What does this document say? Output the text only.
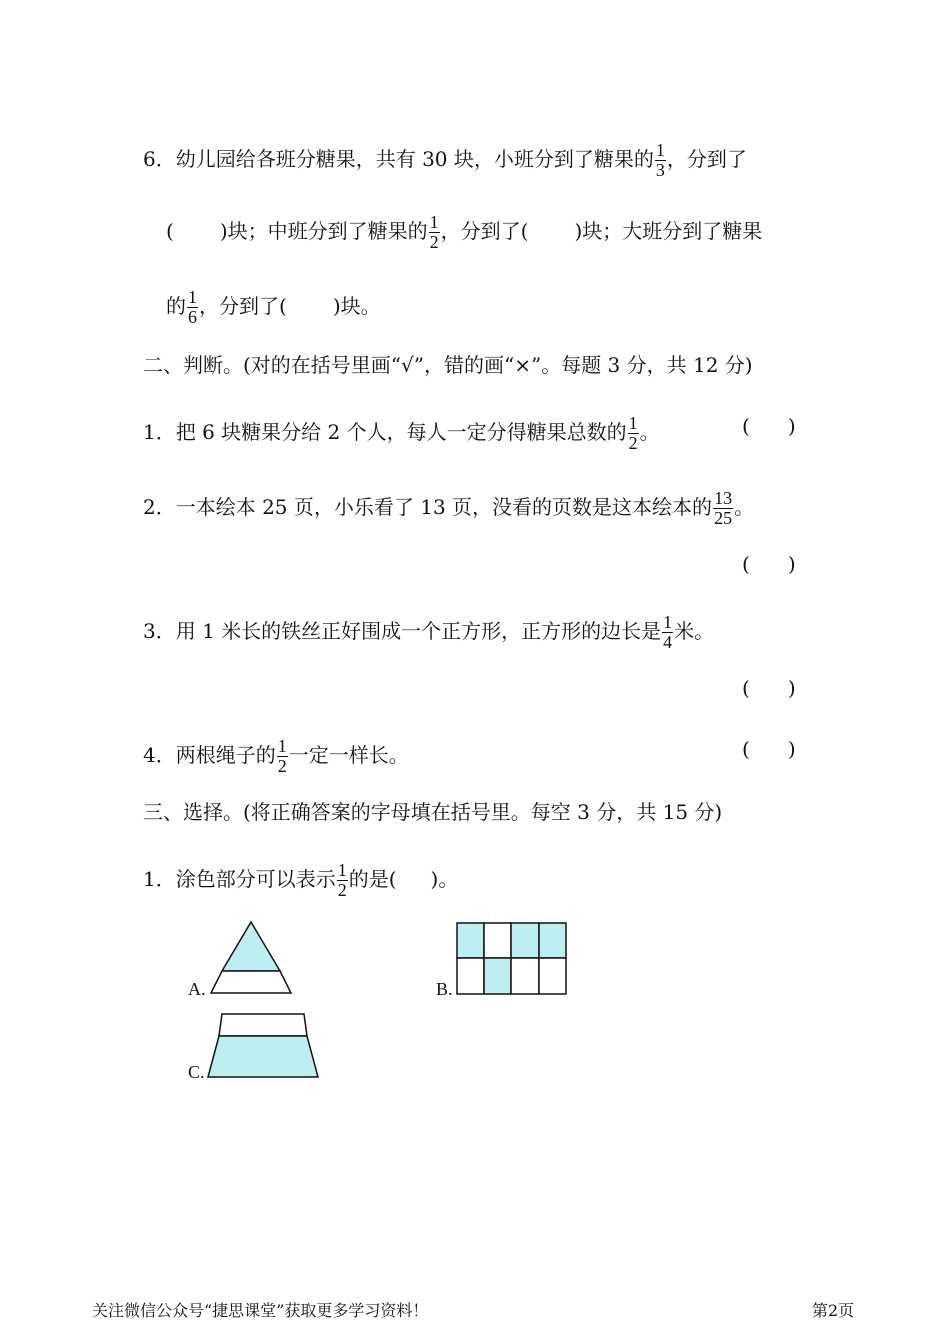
6．幼儿园给各班分糖果，共有 30 块，小班分到了糖果的 $\frac{1}{3}$ ，分到了
( )块；中班分到了糖果的 $\frac{1}{2}$ ，分到了( )块；大班分到了糖果
的 $\frac{1}{6}$ ，分到了( )块。
二、判断。(对的在括号里画“√”，错的画“×”。每题 3 分，共 12 分)
1．把 6 块糖果分给 2 个人，每人一定分得糖果总数的 $\frac{1}{2}$ 。	( )
2．一本绘本 25 页，小乐看了 13 页，没看的页数是这本绘本的 $\frac{13}{25}$ 。
( )
3．用 1 米长的铁丝正好围成一个正方形，正方形的边长是 $\frac{1}{4}$ 米。
( )
4．两根绳子的 $\frac{1}{2}$ 一定一样长。	( )
三、选择。(将正确答案的字母填在括号里。每空 3 分，共 15 分)
1．涂色部分可以表示 $\frac{1}{2}$ 的是( )。
A.	B.
C.
关注微信公众号“捷思课堂”获取更多学习资料！	第2页
